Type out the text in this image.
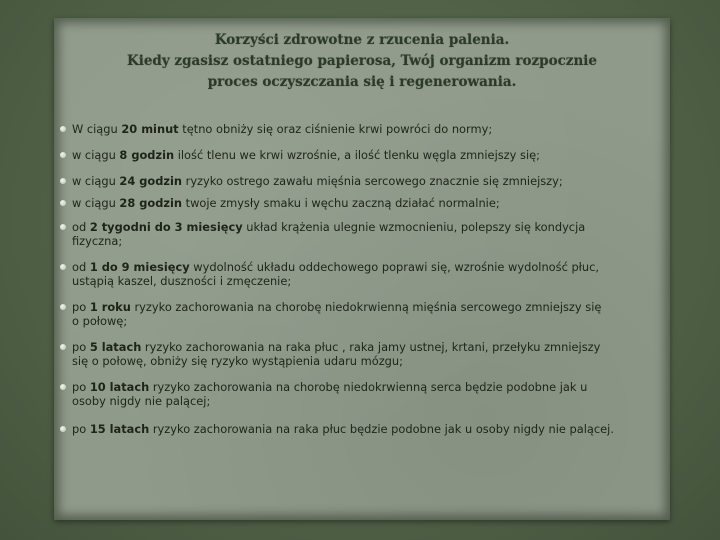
Korzyści zdrowotne z rzucenia palenia.
Kiedy zgasisz ostatniego papierosa, Twój organizm rozpocznie
proces oczyszczania się i regenerowania.
W ciągu 20 minut tętno obniży się oraz ciśnienie krwi powróci do normy;
w ciągu 8 godzin ilość tlenu we krwi wzrośnie, a ilość tlenku węgla zmniejszy się;
w ciągu 24 godzin ryzyko ostrego zawału mięśnia sercowego znacznie się zmniejszy;
w ciągu 28 godzin twoje zmysły smaku i węchu zaczną działać normalnie;
od 2 tygodni do 3 miesięcy układ krążenia ulegnie wzmocnieniu, polepszy się kondycja
fizyczna;
od 1 do 9 miesięcy wydolność układu oddechowego poprawi się, wzrośnie wydolność płuc,
ustąpią kaszel, duszności i zmęczenie;
po 1 roku ryzyko zachorowania na chorobę niedokrwienną mięśnia sercowego zmniejszy się
o połowę;
po 5 latach ryzyko zachorowania na raka płuc , raka jamy ustnej, krtani, przełyku zmniejszy
się o połowę, obniży się ryzyko wystąpienia udaru mózgu;
po 10 latach ryzyko zachorowania na chorobę niedokrwienną serca będzie podobne jak u
osoby nigdy nie palącej;
po 15 latach ryzyko zachorowania na raka płuc będzie podobne jak u osoby nigdy nie palącej.
